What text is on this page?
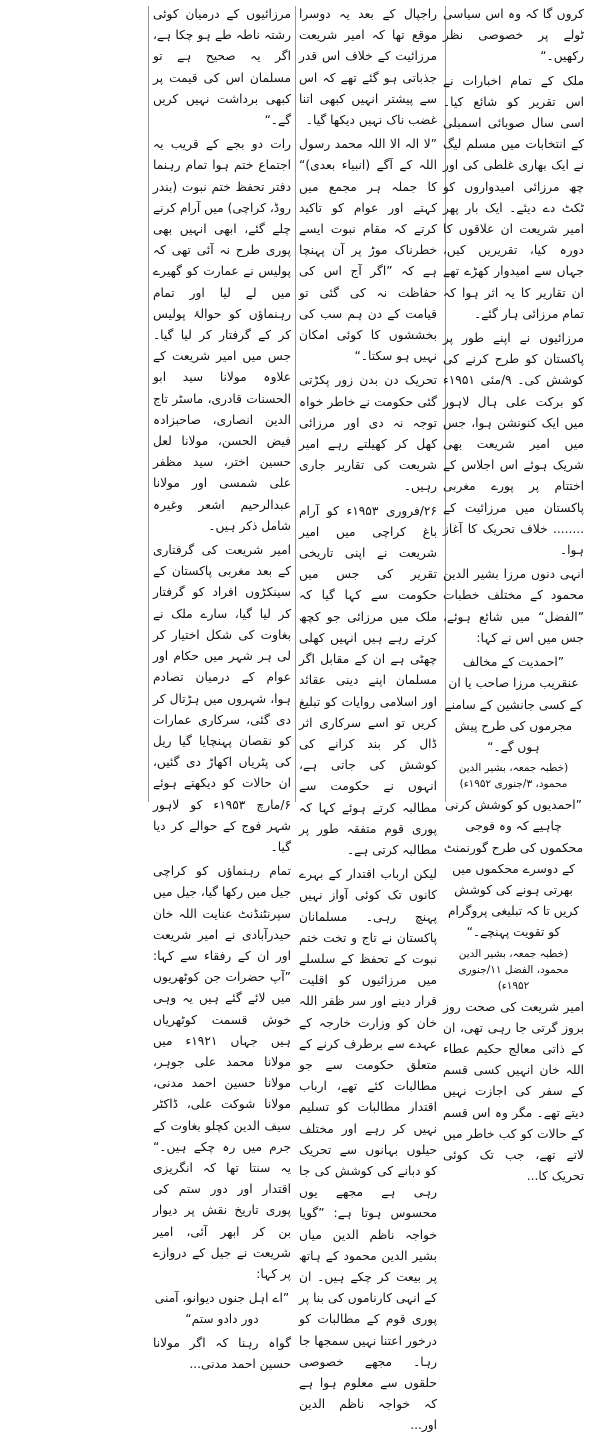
کروں گا کہ وہ اس سیاسی ٹولے پر خصوصی نظر رکھیں۔“

ملک کے تمام اخبارات نے اس تقریر کو شائع کیا۔ اسی سال صوبائی اسمبلی کے انتخابات میں مسلم لیگ نے ایک بھاری غلطی کی اور چھ مرزائی امیدواروں کو ٹکٹ دے دیئے۔ ایک بار پھر امیر شریعت ان علاقوں کا دورہ کیا، تقریریں کیں، جہاں سے امیدوار کھڑے تھے ان تقاریر کا یہ اثر ہوا کہ تمام مرزائی ہار گئے۔

مرزائیوں نے اپنے طور پر پاکستان کو طرح کرنے کی کوشش کی۔ ۹/مئی ۱۹۵۱ء کو برکت علی ہال لاہور میں ایک کنونشن ہوا، جس میں امیر شریعت بھی شریک ہوئے اس اجلاس کے اختتام پر پورے مغربی پاکستان میں مرزائیت کے ........ خلاف تحریک کا آغاز ہوا۔

انہی دنوں مرزا بشیر الدین محمود کے مختلف خطبات ”الفضل“ میں شائع ہوئے، جس میں اس نے کہا:

”احمدیت کے مخالف عنقریب مرزا صاحب یا ان کے کسی جانشین کے سامنے مجرموں کی طرح پیش ہوں گے۔“

(خطبہ جمعہ، بشیر الدین محمود، ۳/جنوری ۱۹۵۲ء)

”احمدیوں کو کوشش کرنی چاہیے کہ وہ فوجی محکموں کی طرح گورنمنٹ کے دوسرے محکموں میں بھرتی ہونے کی کوشش کریں تا کہ تبلیغی پروگرام کو تقویت پہنچے۔“

(خطبہ جمعہ، بشیر الدین محمود، الفضل ۱۱/جنوری ۱۹۵۲ء)

امیر شریعت کی صحت روز بروز گرتی جا رہی تھی، ان کے ذاتی معالج حکیم عطاء اللہ خان انہیں کسی قسم کے سفر کی اجازت نہیں دیتے تھے۔ مگر وہ اس قسم کے حالات کو کب خاطر میں لاتے تھے، جب تک کوئی تحریک کا...

راجپال کے بعد یہ دوسرا موقع تھا کہ امیر شریعت مرزائیت کے خلاف اس قدر جذباتی ہو گئے تھے کہ اس سے پیشتر انہیں کبھی اتنا غضب ناک نہیں دیکھا گیا۔

”لا الہ الا اللہ محمد رسول اللہ کے آگے (انبیاء بعدی)“ کا جملہ ہر مجمع میں کہتے اور عوام کو تاکید کرتے کہ مقام نبوت ایسے خطرناک موڑ پر آن پہنچا ہے کہ ”اگر آج اس کی حفاظت نہ کی گئی تو قیامت کے دن ہم سب کی بخششوں کا کوئی امکان نہیں ہو سکتا۔“

تحریک دن بدن زور پکڑتی گئی حکومت نے خاطر خواہ توجہ نہ دی اور مرزائی کھل کر کھیلتے رہے امیر شریعت کی تقاریر جاری رہیں۔

۲۶/فروری ۱۹۵۳ء کو آرام باغ کراچی میں امیر شریعت نے اپنی تاریخی تقریر کی جس میں حکومت سے کہا گیا کہ ملک میں مرزائی جو کچھ کرتے رہے ہیں انہیں کھلی چھٹی ہے ان کے مقابل اگر مسلمان اپنے دینی عقائد اور اسلامی روایات کو تبلیغ کریں تو اسے سرکاری اثر ڈال کر بند کرانے کی کوشش کی جاتی ہے، انہوں نے حکومت سے مطالبہ کرتے ہوئے کہا کہ پوری قوم متفقہ طور پر مطالبہ کرتی ہے۔

لیکن ارباب اقتدار کے بہرے کانوں تک کوئی آواز نہیں پہنچ رہی۔ مسلمانان پاکستان نے تاج و تخت ختم نبوت کے تحفظ کے سلسلے میں مرزائیوں کو اقلیت قرار دینے اور سر ظفر اللہ خان کو وزارت خارجہ کے عہدے سے برطرف کرنے کے متعلق حکومت سے جو مطالبات کئے تھے، ارباب اقتدار مطالبات کو تسلیم نہیں کر رہے اور مختلف حیلوں بہانوں سے تحریک کو دبانے کی کوشش کی جا رہی ہے مجھے یوں محسوس ہوتا ہے: ”گویا خواجہ ناظم الدین میاں بشیر الدین محمود کے ہاتھ پر بیعت کر چکے ہیں۔ ان کے انہی کارناموں کی بنا پر پوری قوم کے مطالبات کو درخور اعتنا نہیں سمجھا جا رہا۔ مجھے خصوصی حلقوں سے معلوم ہوا ہے کہ خواجہ ناظم الدین اور...

مرزائیوں کے درمیان کوئی رشتہ ناطہ طے ہو چکا ہے، اگر یہ صحیح ہے تو مسلمان اس کی قیمت پر کبھی برداشت نہیں کریں گے۔“

رات دو بجے کے قریب یہ اجتماع ختم ہوا تمام رہنما دفتر تحفظ ختم نبوت (بندر روڈ، کراچی) میں آرام کرنے چلے گئے، ابھی انہیں بھی پوری طرح نہ آئی تھی کہ پولیس نے عمارت کو گھیرے میں لے لیا اور تمام رہنماؤں کو حوالۂ پولیس کر کے گرفتار کر لیا گیا۔ جس میں امیر شریعت کے علاوہ مولانا سید ابو الحسنات قادری، ماسٹر تاج الدین انصاری، صاحبزادہ فیض الحسن، مولانا لعل حسین اختر، سید مظفر علی شمسی اور مولانا عبدالرحیم اشعر وغیرہ شامل ذکر ہیں۔

امیر شریعت کی گرفتاری کے بعد مغربی پاکستان کے سینکڑوں افراد کو گرفتار کر لیا گیا، سارے ملک نے بغاوت کی شکل اختیار کر لی ہر شہر میں حکام اور عوام کے درمیان تصادم ہوا، شہروں میں ہڑتال کر دی گئی، سرکاری عمارات کو نقصان پہنچایا گیا ریل کی پٹریاں اکھاڑ دی گئیں، ان حالات کو دیکھتے ہوئے ۶/مارچ ۱۹۵۳ء کو لاہور شہر فوج کے حوالے کر دیا گیا۔

تمام رہنماؤں کو کراچی جیل میں رکھا گیا، جیل میں سپرنٹنڈنٹ عنایت اللہ خان حیدرآبادی نے امیر شریعت اور ان کے رفقاء سے کہا: ”آپ حضرات جن کوٹھریوں میں لائے گئے ہیں یہ وہی خوش قسمت کوٹھریاں ہیں جہاں ۱۹۲۱ء میں مولانا محمد علی جوہر، مولانا حسین احمد مدنی، مولانا شوکت علی، ڈاکٹر سیف الدین کچلو بغاوت کے جرم میں رہ چکے ہیں۔“ یہ سنتا تھا کہ انگریزی اقتدار اور دور ستم کی پوری تاریخ نقش پر دیوار بن کر ابھر آئی، امیر شریعت نے جیل کے دروازے پر کہا:

”اے اہل جنوں دیوانو، آمنی دور دادو ستم“

گواہ رہنا کہ اگر مولانا حسین احمد مدنی...
